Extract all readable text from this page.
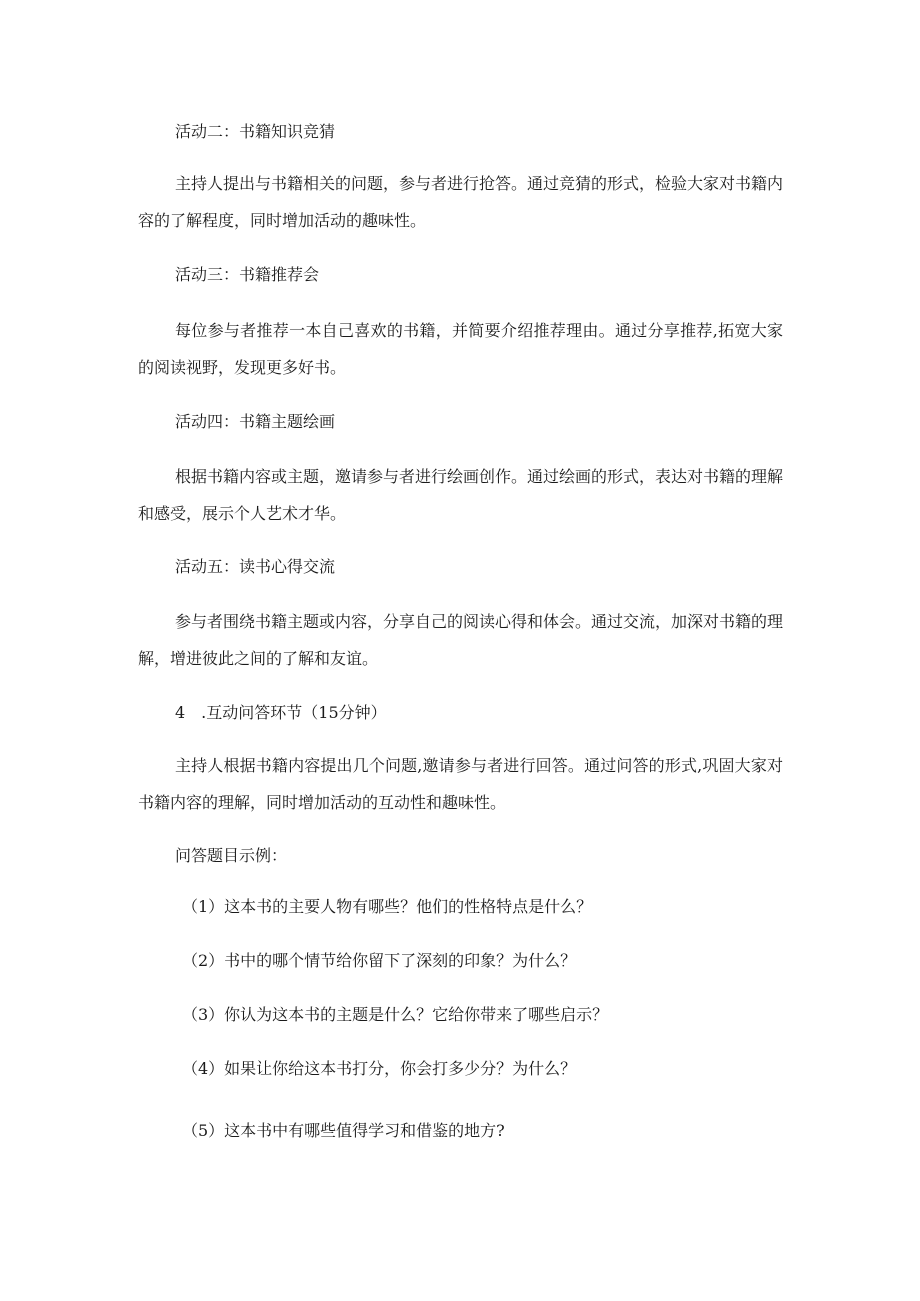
活动二：书籍知识竞猜
主持人提出与书籍相关的问题，参与者进行抢答。通过竞猜的形式，检验大家对书籍内容的了解程度，同时增加活动的趣味性。
活动三：书籍推荐会
每位参与者推荐一本自己喜欢的书籍，并简要介绍推荐理由。通过分享推荐,拓宽大家的阅读视野，发现更多好书。
活动四：书籍主题绘画
根据书籍内容或主题，邀请参与者进行绘画创作。通过绘画的形式，表达对书籍的理解和感受，展示个人艺术才华。
活动五：读书心得交流
参与者围绕书籍主题或内容，分享自己的阅读心得和体会。通过交流，加深对书籍的理解，增进彼此之间的了解和友谊。
4　.互动问答环节（15分钟）
主持人根据书籍内容提出几个问题,邀请参与者进行回答。通过问答的形式,巩固大家对书籍内容的理解，同时增加活动的互动性和趣味性。
问答题目示例：
（1）这本书的主要人物有哪些？他们的性格特点是什么？
（2）书中的哪个情节给你留下了深刻的印象？为什么？
（3）你认为这本书的主题是什么？它给你带来了哪些启示？
（4）如果让你给这本书打分，你会打多少分？为什么？
（5）这本书中有哪些值得学习和借鉴的地方?
